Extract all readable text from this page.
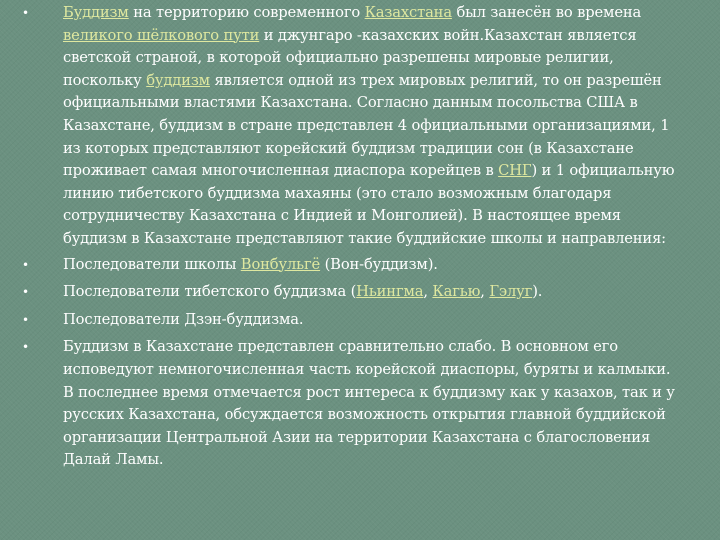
• Буддизм на территорию современного Казахстана был занесён во времена великого шёлкового пути и джунгаро -казахских войн.Казахстан является светской страной, в которой официально разрешены мировые религии, поскольку буддизм является одной из трех мировых религий, то он разрешён официальными властями Казахстана. Согласно данным посольства США в Казахстане, буддизм в стране представлен 4 официальными организациями, 1 из которых представляют корейский буддизм традиции сон (в Казахстане проживает самая многочисленная диаспора корейцев в СНГ) и 1 официальную линию тибетского буддизма махаяны (это стало возможным благодаря сотрудничеству Казахстана с Индией и Монголией). В настоящее время буддизм в Казахстане представляют такие буддийские школы и направления:
• Последователи школы Вонбульгё (Вон-буддизм).
• Последователи тибетского буддизма (Ньингма, Кагью, Гэлуг).
• Последователи Дзэн-буддизма.
• Буддизм в Казахстане представлен сравнительно слабо. В основном его исповедуют немногочисленная часть корейской диаспоры, буряты и калмыки. В последнее время отмечается рост интереса к буддизму как у казахов, так и у русских Казахстана, обсуждается возможность открытия главной буддийской организации Центральной Азии на территории Казахстана с благословения Далай Ламы.
